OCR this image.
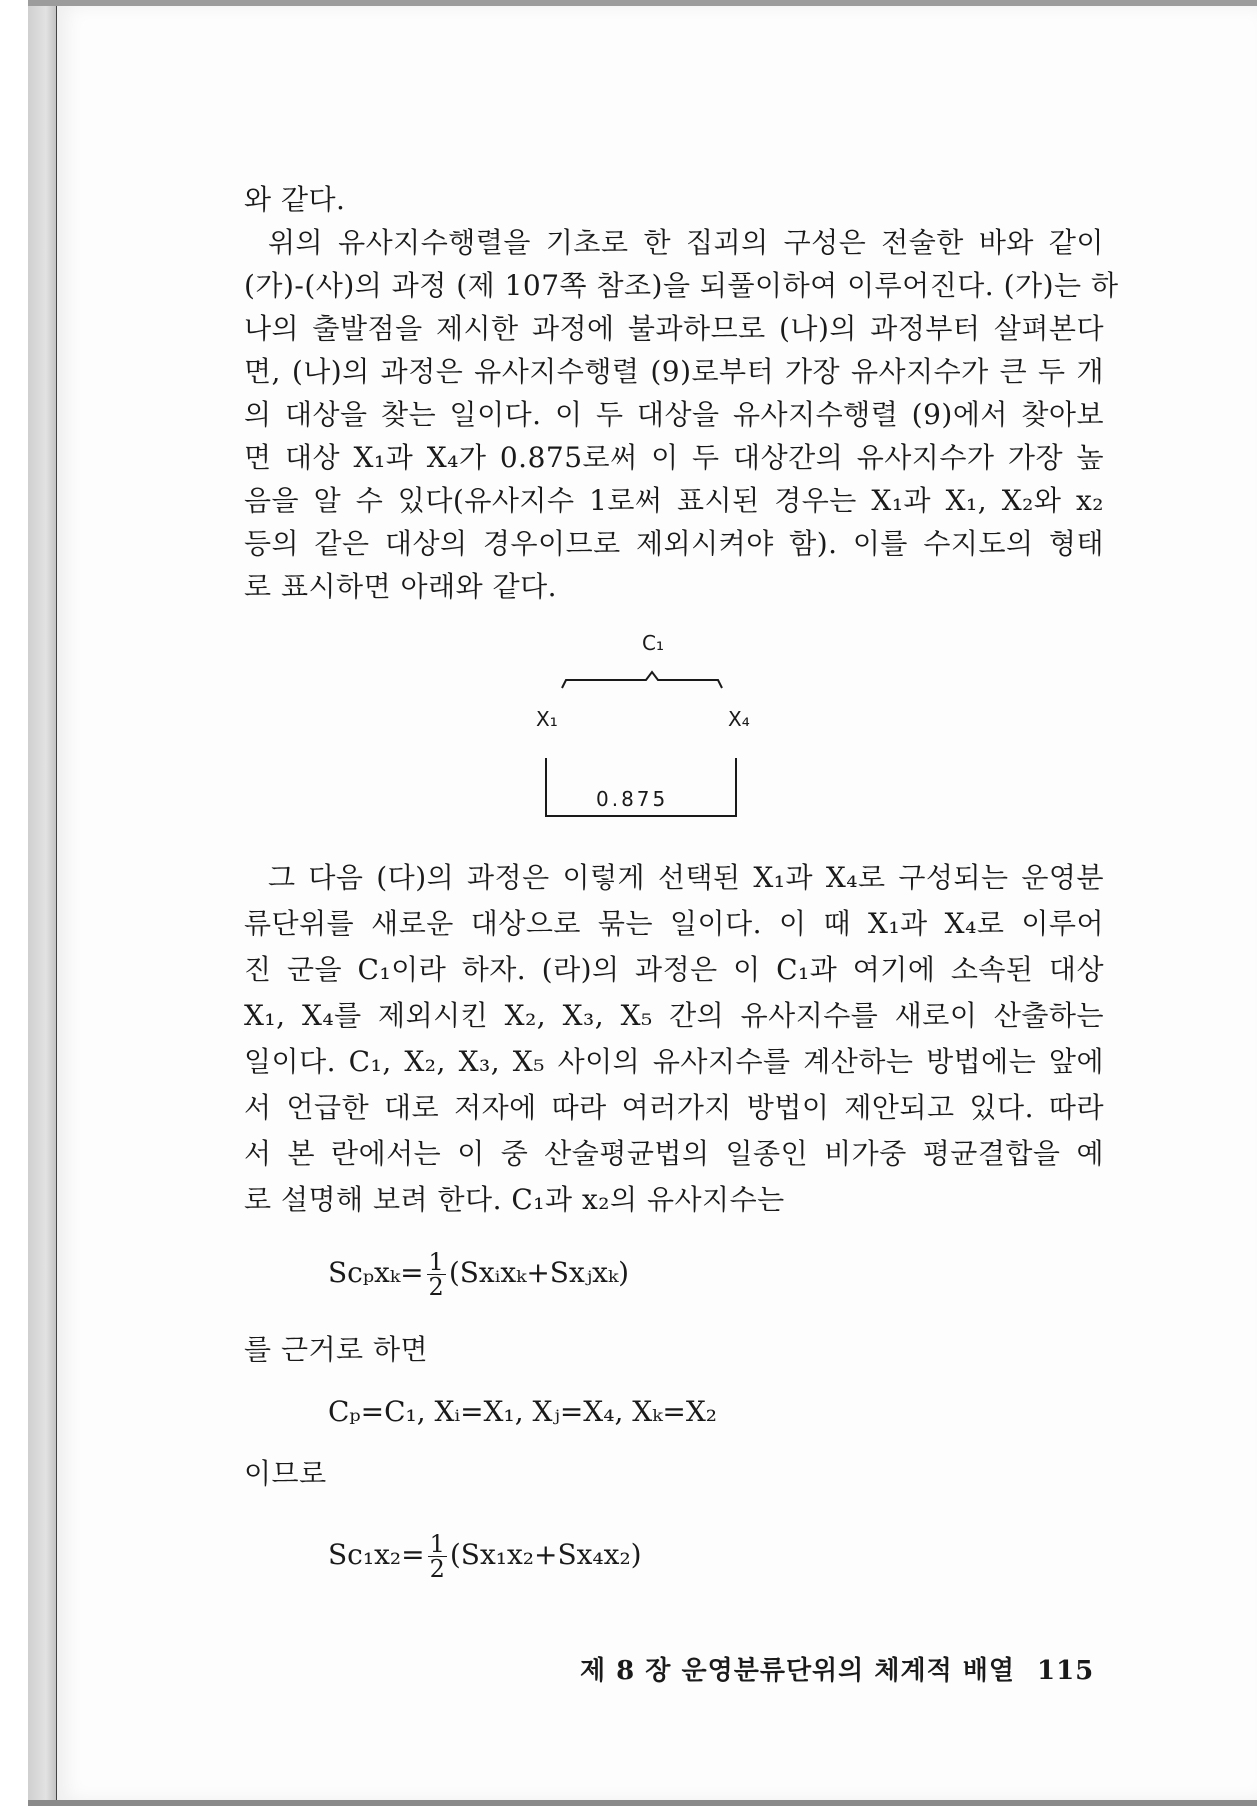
와 같다.
위의 유사지수행렬을 기초로 한 집괴의 구성은 전술한 바와 같이
(가)-(사)의 과정 (제 107쪽 참조)을 되풀이하여 이루어진다. (가)는 하
나의 출발점을 제시한 과정에 불과하므로 (나)의 과정부터 살펴본다
면, (나)의 과정은 유사지수행렬 (9)로부터 가장 유사지수가 큰 두 개
의 대상을 찾는 일이다. 이 두 대상을 유사지수행렬 (9)에서 찾아보
면 대상 X₁과 X₄가 0.875로써 이 두 대상간의 유사지수가 가장 높
음을 알 수 있다(유사지수 1로써 표시된 경우는 X₁과 X₁, X₂와 x₂
등의 같은 대상의 경우이므로 제외시켜야 함). 이를 수지도의 형태
로 표시하면 아래와 같다.
C₁
X₁	X₄
0.875
그 다음 (다)의 과정은 이렇게 선택된 X₁과 X₄로 구성되는 운영분
류단위를 새로운 대상으로 묶는 일이다. 이 때 X₁과 X₄로 이루어
진 군을 C₁이라 하자. (라)의 과정은 이 C₁과 여기에 소속된 대상
X₁, X₄를 제외시킨 X₂, X₃, X₅ 간의 유사지수를 새로이 산출하는
일이다. C₁, X₂, X₃, X₅ 사이의 유사지수를 계산하는 방법에는 앞에
서 언급한 대로 저자에 따라 여러가지 방법이 제안되고 있다. 따라
서 본 란에서는 이 중 산술평균법의 일종인 비가중 평균결합을 예
로 설명해 보려 한다. C₁과 x₂의 유사지수는
$Sc_px_k= \frac{1}{2}$ (Sxᵢxₖ+Sxⱼxₖ)
를 근거로 하면
Cₚ=C₁, Xᵢ=X₁, Xⱼ=X₄, Xₖ=X₂
이므로
$Sc_1x_2= \frac{1}{2} (Sx_1x_2+Sx_4x_2)$
제 8 장 운영분류단위의 체계적 배열 115
